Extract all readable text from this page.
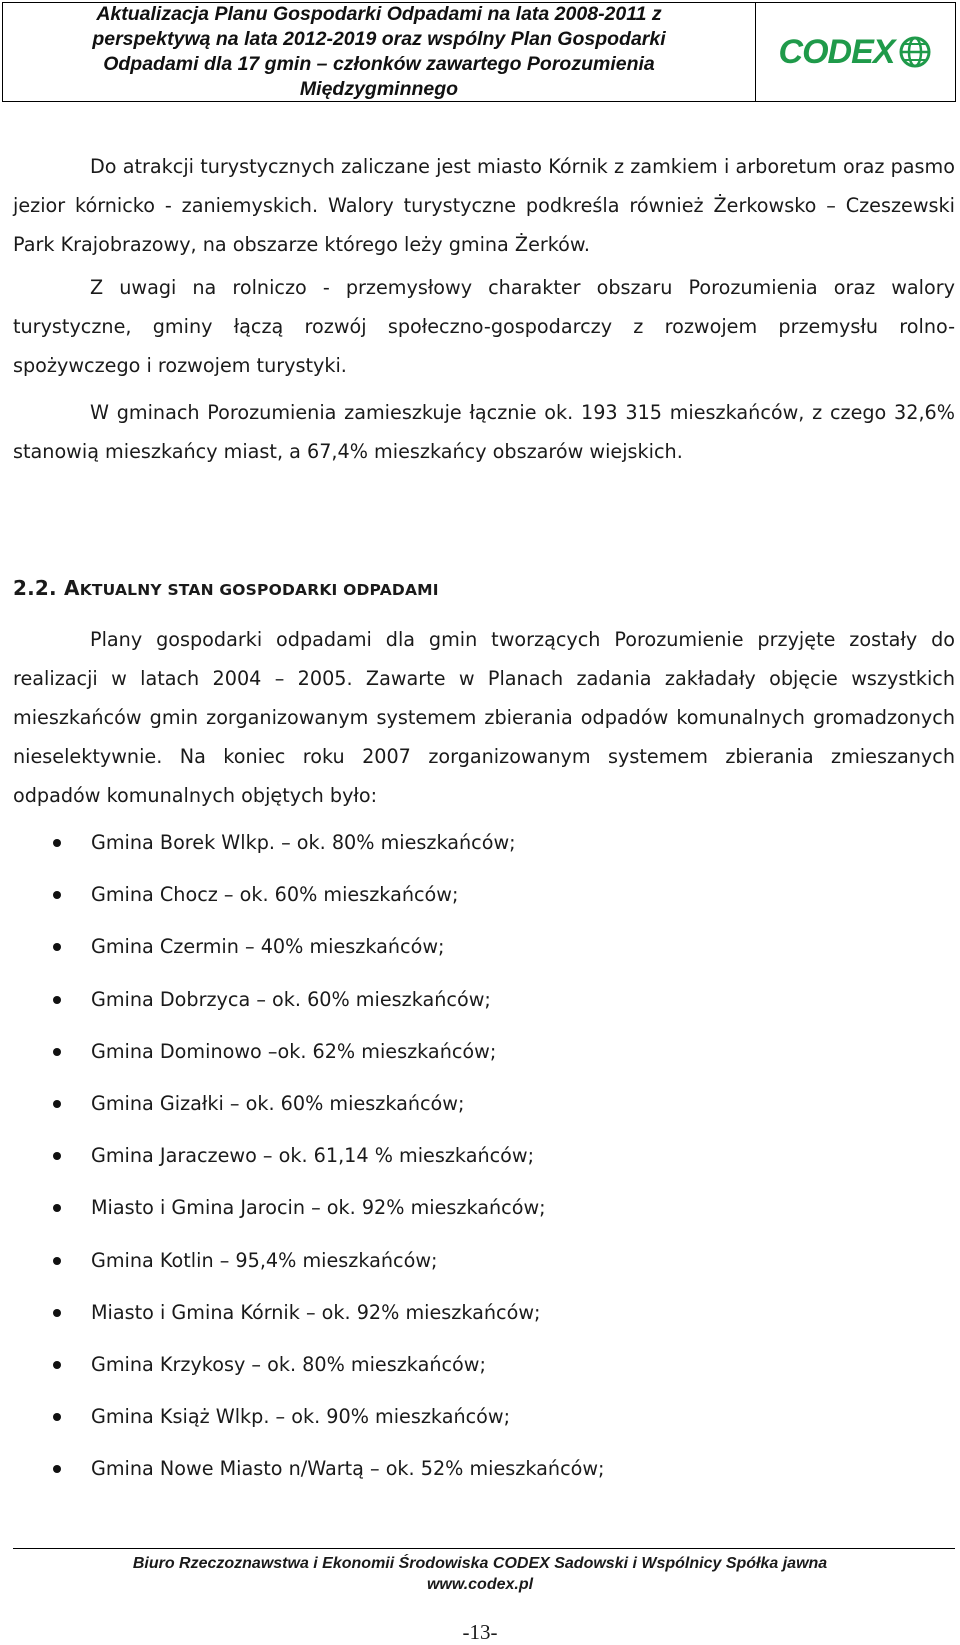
Aktualizacja Planu Gospodarki Odpadami na lata 2008-2011 z
perspektywą na lata 2012-2019 oraz wspólny Plan Gospodarki
Odpadami dla 17 gmin – członków zawartego Porozumienia
Międzygminnego
CODEX

Do atrakcji turystycznych zaliczane jest miasto Kórnik z zamkiem i arboretum oraz pasmo jezior kórnicko - zaniemyskich. Walory turystyczne podkreśla również Żerkowsko – Czeszewski Park Krajobrazowy, na obszarze którego leży gmina Żerków.

Z uwagi na rolniczo - przemysłowy charakter obszaru Porozumienia oraz walory turystyczne, gminy łączą rozwój społeczno-gospodarczy z rozwojem przemysłu rolno-spożywczego i rozwojem turystyki.

W gminach Porozumienia zamieszkuje łącznie ok. 193 315 mieszkańców, z czego 32,6% stanowią mieszkańcy miast, a 67,4% mieszkańcy obszarów wiejskich.

2.2. AKTUALNY STAN GOSPODARKI ODPADAMI

Plany gospodarki odpadami dla gmin tworzących Porozumienie przyjęte zostały do realizacji w latach 2004 – 2005. Zawarte w Planach zadania zakładały objęcie wszystkich mieszkańców gmin zorganizowanym systemem zbierania odpadów komunalnych gromadzonych nieselektywnie. Na koniec roku 2007 zorganizowanym systemem zbierania zmieszanych odpadów komunalnych objętych było:

Gmina Borek Wlkp. – ok. 80% mieszkańców;
Gmina Chocz – ok. 60% mieszkańców;
Gmina Czermin – 40% mieszkańców;
Gmina Dobrzyca – ok. 60% mieszkańców;
Gmina Dominowo –ok. 62% mieszkańców;
Gmina Gizałki – ok. 60% mieszkańców;
Gmina Jaraczewo – ok. 61,14 % mieszkańców;
Miasto i Gmina Jarocin – ok. 92% mieszkańców;
Gmina Kotlin – 95,4% mieszkańców;
Miasto i Gmina Kórnik – ok. 92% mieszkańców;
Gmina Krzykosy – ok. 80% mieszkańców;
Gmina Książ Wlkp. – ok. 90% mieszkańców;
Gmina Nowe Miasto n/Wartą – ok. 52% mieszkańców;
Biuro Rzeczoznawstwa i Ekonomii Środowiska CODEX Sadowski i Wspólnicy Spółka jawna
www.codex.pl
-13-
